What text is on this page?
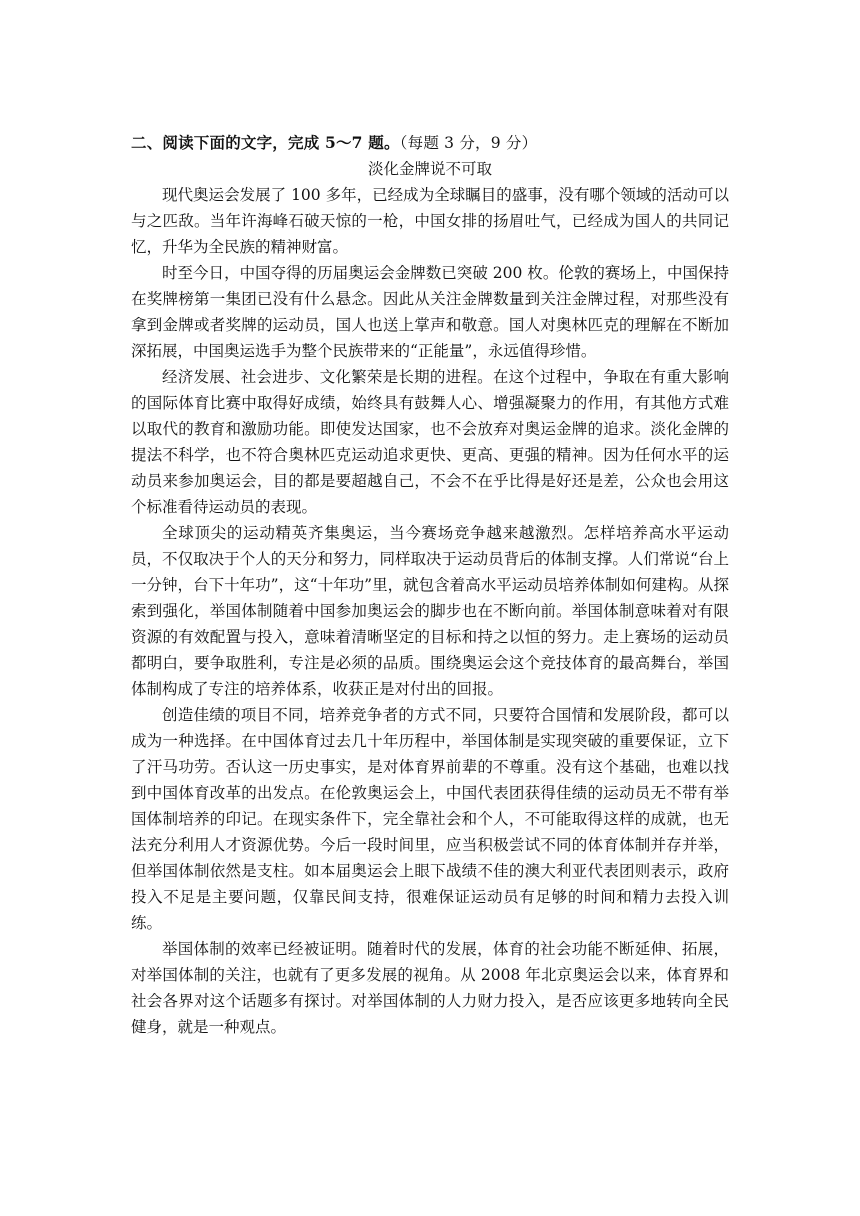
二、阅读下面的文字，完成 5～7 题。（每题 3 分，9 分）
淡化金牌说不可取

现代奥运会发展了 100 多年，已经成为全球瞩目的盛事，没有哪个领域的活动可以与之匹敌。当年许海峰石破天惊的一枪，中国女排的扬眉吐气，已经成为国人的共同记忆，升华为全民族的精神财富。

时至今日，中国夺得的历届奥运会金牌数已突破 200 枚。伦敦的赛场上，中国保持在奖牌榜第一集团已没有什么悬念。因此从关注金牌数量到关注金牌过程，对那些没有拿到金牌或者奖牌的运动员，国人也送上掌声和敬意。国人对奥林匹克的理解在不断加深拓展，中国奥运选手为整个民族带来的“正能量”，永远值得珍惜。

经济发展、社会进步、文化繁荣是长期的进程。在这个过程中，争取在有重大影响的国际体育比赛中取得好成绩，始终具有鼓舞人心、增强凝聚力的作用，有其他方式难以取代的教育和激励功能。即使发达国家，也不会放弃对奥运金牌的追求。淡化金牌的提法不科学，也不符合奥林匹克运动追求更快、更高、更强的精神。因为任何水平的运动员来参加奥运会，目的都是要超越自己，不会不在乎比得是好还是差，公众也会用这个标准看待运动员的表现。

全球顶尖的运动精英齐集奥运，当今赛场竞争越来越激烈。怎样培养高水平运动员，不仅取决于个人的天分和努力，同样取决于运动员背后的体制支撑。人们常说“台上一分钟，台下十年功”，这“十年功”里，就包含着高水平运动员培养体制如何建构。从探索到强化，举国体制随着中国参加奥运会的脚步也在不断向前。举国体制意味着对有限资源的有效配置与投入，意味着清晰坚定的目标和持之以恒的努力。走上赛场的运动员都明白，要争取胜利，专注是必须的品质。围绕奥运会这个竞技体育的最高舞台，举国体制构成了专注的培养体系，收获正是对付出的回报。

创造佳绩的项目不同，培养竞争者的方式不同，只要符合国情和发展阶段，都可以成为一种选择。在中国体育过去几十年历程中，举国体制是实现突破的重要保证，立下了汗马功劳。否认这一历史事实，是对体育界前辈的不尊重。没有这个基础，也难以找到中国体育改革的出发点。在伦敦奥运会上，中国代表团获得佳绩的运动员无不带有举国体制培养的印记。在现实条件下，完全靠社会和个人，不可能取得这样的成就，也无法充分利用人才资源优势。今后一段时间里，应当积极尝试不同的体育体制并存并举，但举国体制依然是支柱。如本届奥运会上眼下战绩不佳的澳大利亚代表团则表示，政府投入不足是主要问题，仅靠民间支持，很难保证运动员有足够的时间和精力去投入训练。

举国体制的效率已经被证明。随着时代的发展，体育的社会功能不断延伸、拓展，对举国体制的关注，也就有了更多发展的视角。从 2008 年北京奥运会以来，体育界和社会各界对这个话题多有探讨。对举国体制的人力财力投入，是否应该更多地转向全民健身，就是一种观点。
